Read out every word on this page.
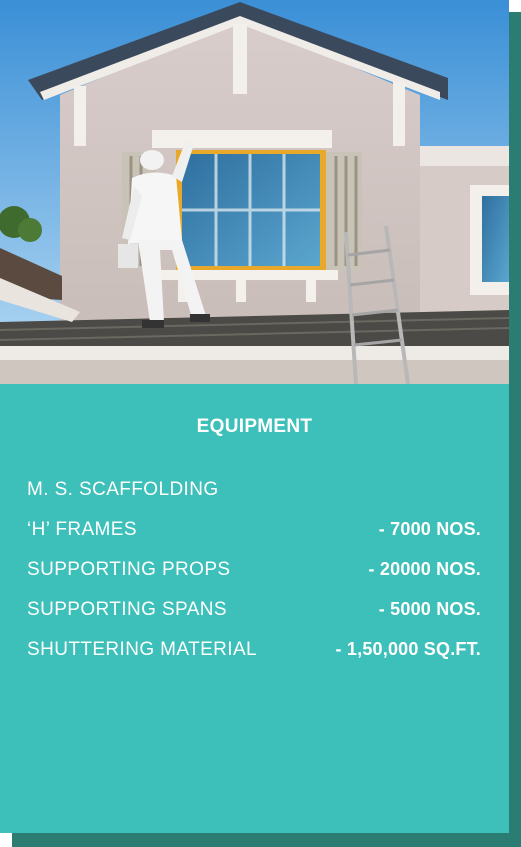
EQUIPMENT
M. S. SCAFFOLDING
‘H’ FRAMES	- 7000 NOS.
SUPPORTING PROPS	- 20000 NOS.
SUPPORTING SPANS	- 5000 NOS.
SHUTTERING MATERIAL	- 1,50,000 SQ.FT.
